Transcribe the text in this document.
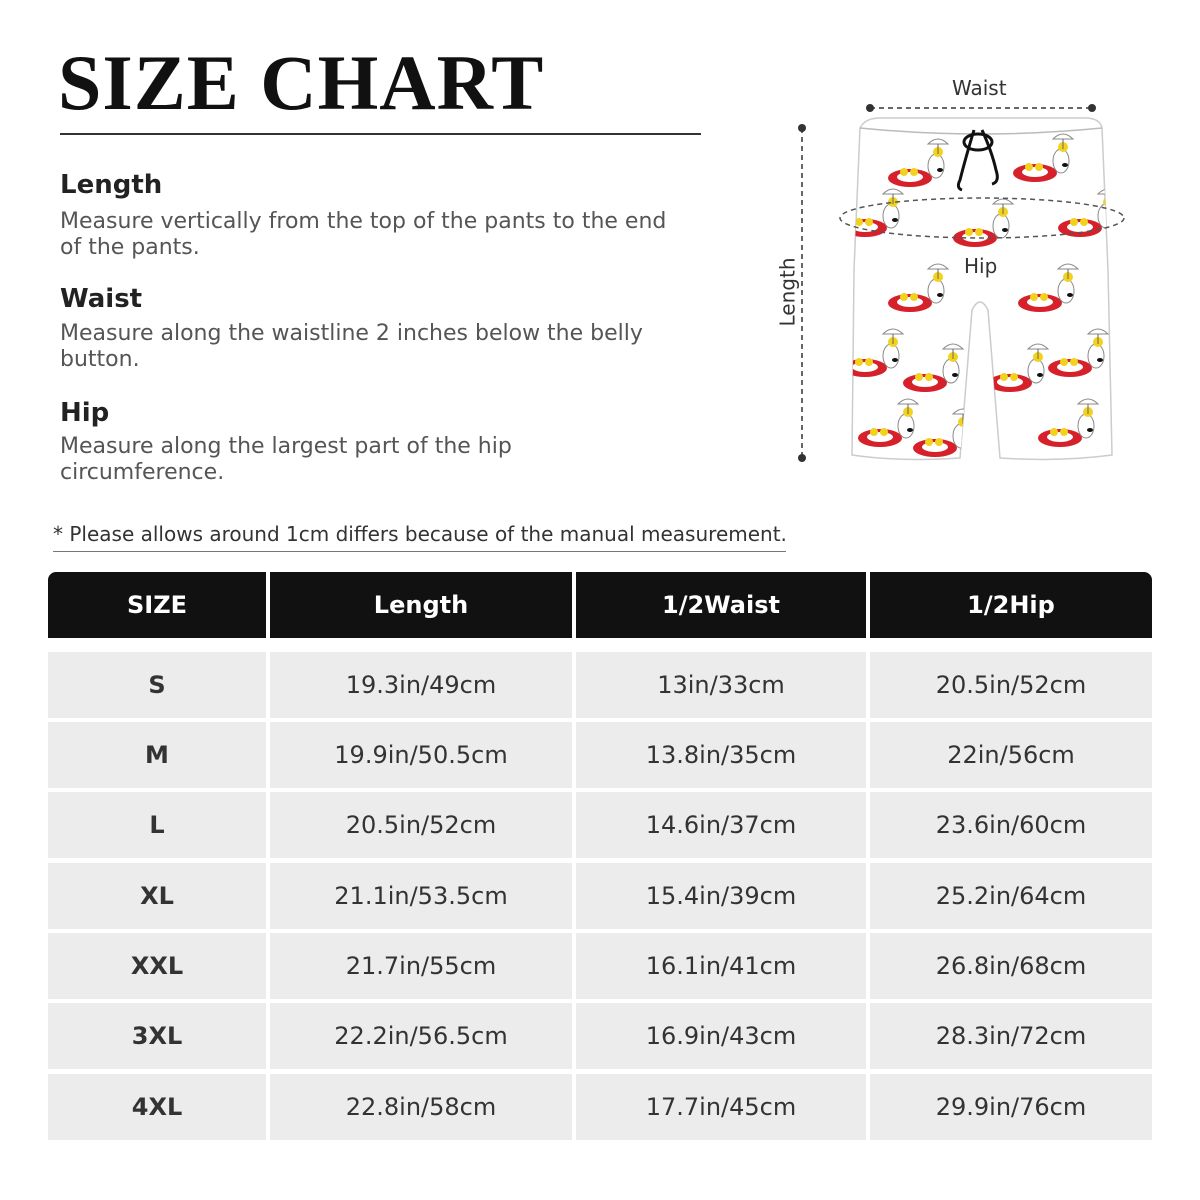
SIZE CHART
Length
Measure vertically from the top of the pants to the end of the pants.
Waist
Measure along the waistline 2 inches below the belly button.
Hip
Measure along the largest part of the hip circumference.
* Please allows around 1cm differs because of the manual measurement.
Waist
Hip
Length
SIZE	Length	1/2Waist	1/2Hip
S	19.3in/49cm	13in/33cm	20.5in/52cm
M	19.9in/50.5cm	13.8in/35cm	22in/56cm
L	20.5in/52cm	14.6in/37cm	23.6in/60cm
XL	21.1in/53.5cm	15.4in/39cm	25.2in/64cm
XXL	21.7in/55cm	16.1in/41cm	26.8in/68cm
3XL	22.2in/56.5cm	16.9in/43cm	28.3in/72cm
4XL	22.8in/58cm	17.7in/45cm	29.9in/76cm
